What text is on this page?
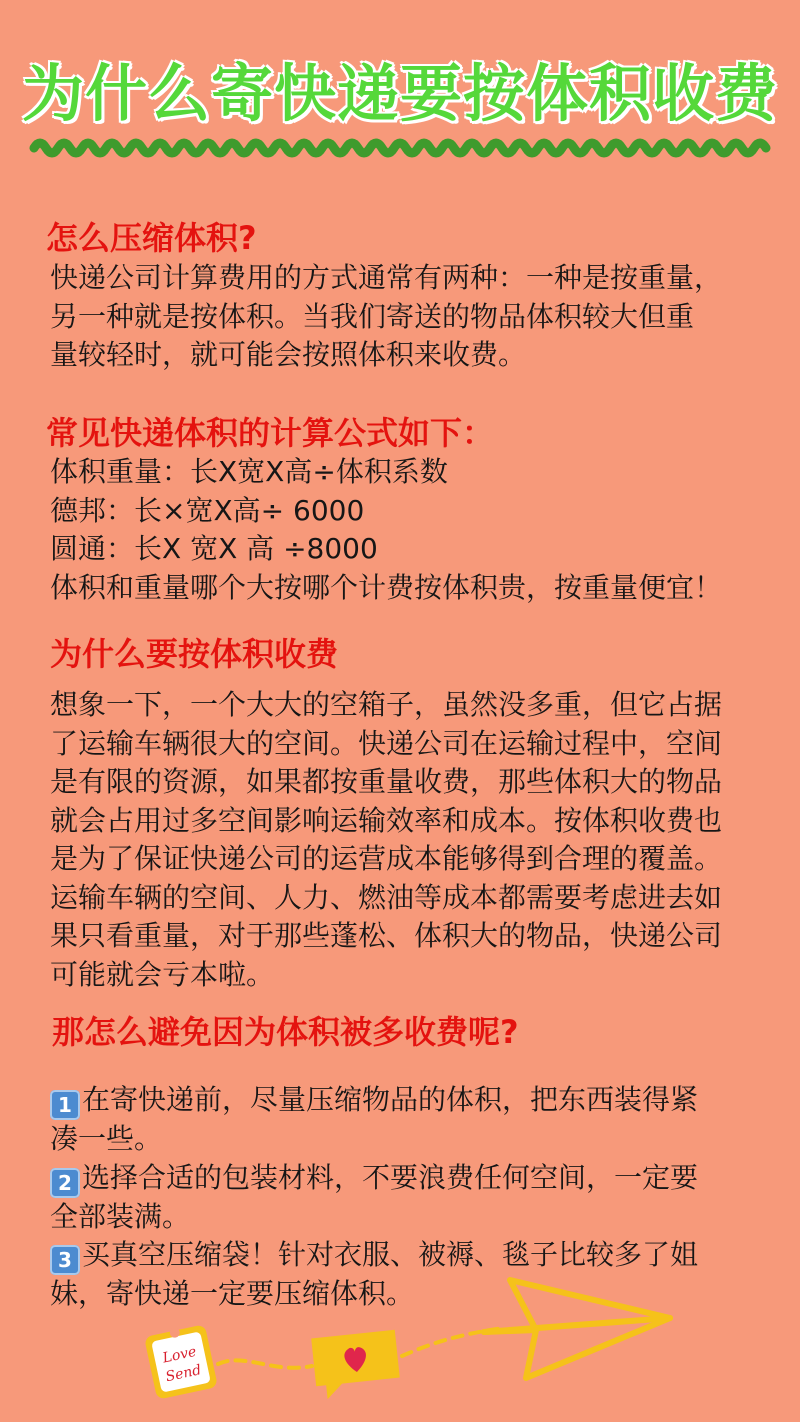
为什么寄快递要按体积收费
怎么压缩体积?
快递公司计算费用的方式通常有两种：一种是按重量，
另一种就是按体积。当我们寄送的物品体积较大但重
量较轻时，就可能会按照体积来收费。
常见快递体积的计算公式如下：
体积重量：长X宽X高÷体积系数
德邦：长×宽X高÷ 6000
圆通：长X 宽X 高 ÷8000
体积和重量哪个大按哪个计费按体积贵，按重量便宜！
为什么要按体积收费
想象一下，一个大大的空箱子，虽然没多重，但它占据
了运输车辆很大的空间。快递公司在运输过程中，空间
是有限的资源，如果都按重量收费，那些体积大的物品
就会占用过多空间影响运输效率和成本。按体积收费也
是为了保证快递公司的运营成本能够得到合理的覆盖。
运输车辆的空间、人力、燃油等成本都需要考虑进去如
果只看重量，对于那些蓬松、体积大的物品，快递公司
可能就会亏本啦。
那怎么避免因为体积被多收费呢?
1 在寄快递前，尽量压缩物品的体积，把东西装得紧
凑一些。
2 选择合适的包装材料，不要浪费任何空间，一定要
全部装满。
3 买真空压缩袋！针对衣服、被褥、毯子比较多了姐
妹，寄快递一定要压缩体积。
Love
Send
